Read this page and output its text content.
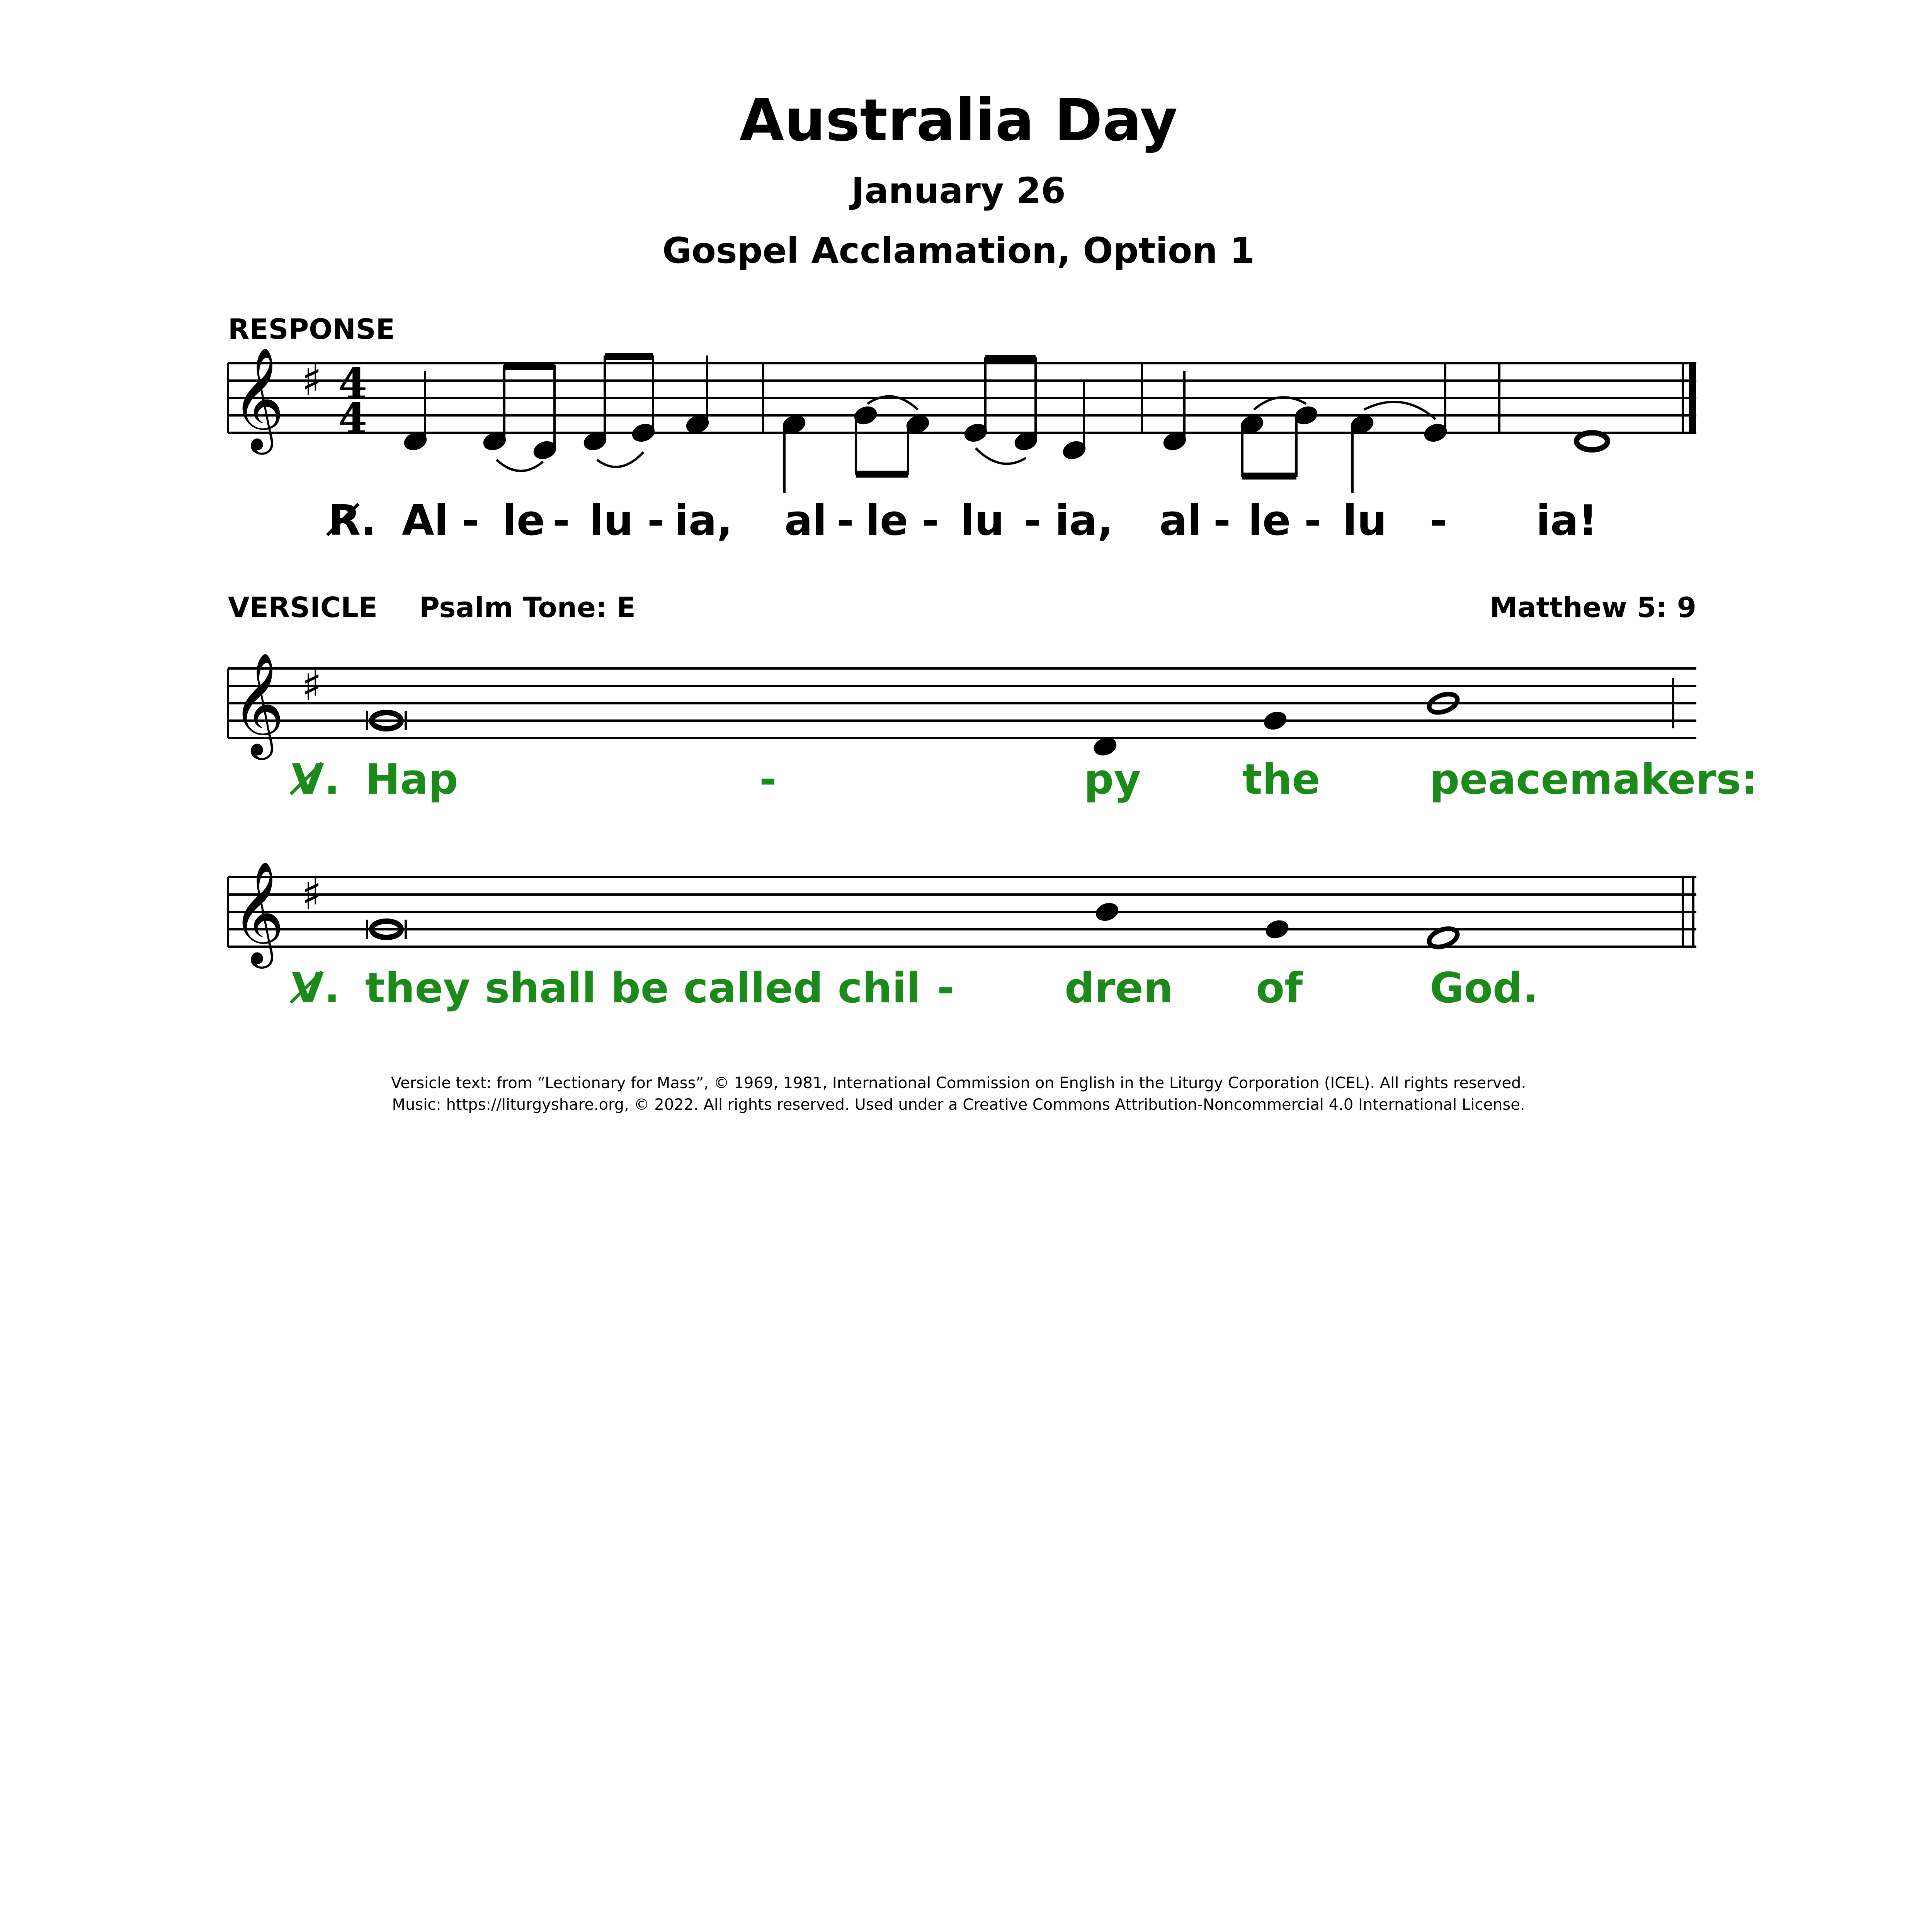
Australia Day
January 26
Gospel Acclamation, Option 1
RESPONSE
VERSICLE Psalm Tone: E	Matthew 5: 9
𝄞 ♯ 4
4
𝄞 ♯
𝄞 ♯
R̸. Al - le - lu - ia, al - le - lu - ia, al - le - lu - ia!
V̸. Hap	-	py the	peacemakers:
V̸. they shall be called chil -	dren of	God.
Versicle text: from “Lectionary for Mass”, © 1969, 1981, International Commission on English in the Liturgy Corporation (ICEL). All rights reserved.
Music: https://liturgyshare.org, © 2022. All rights reserved. Used under a Creative Commons Attribution-Noncommercial 4.0 International License.
